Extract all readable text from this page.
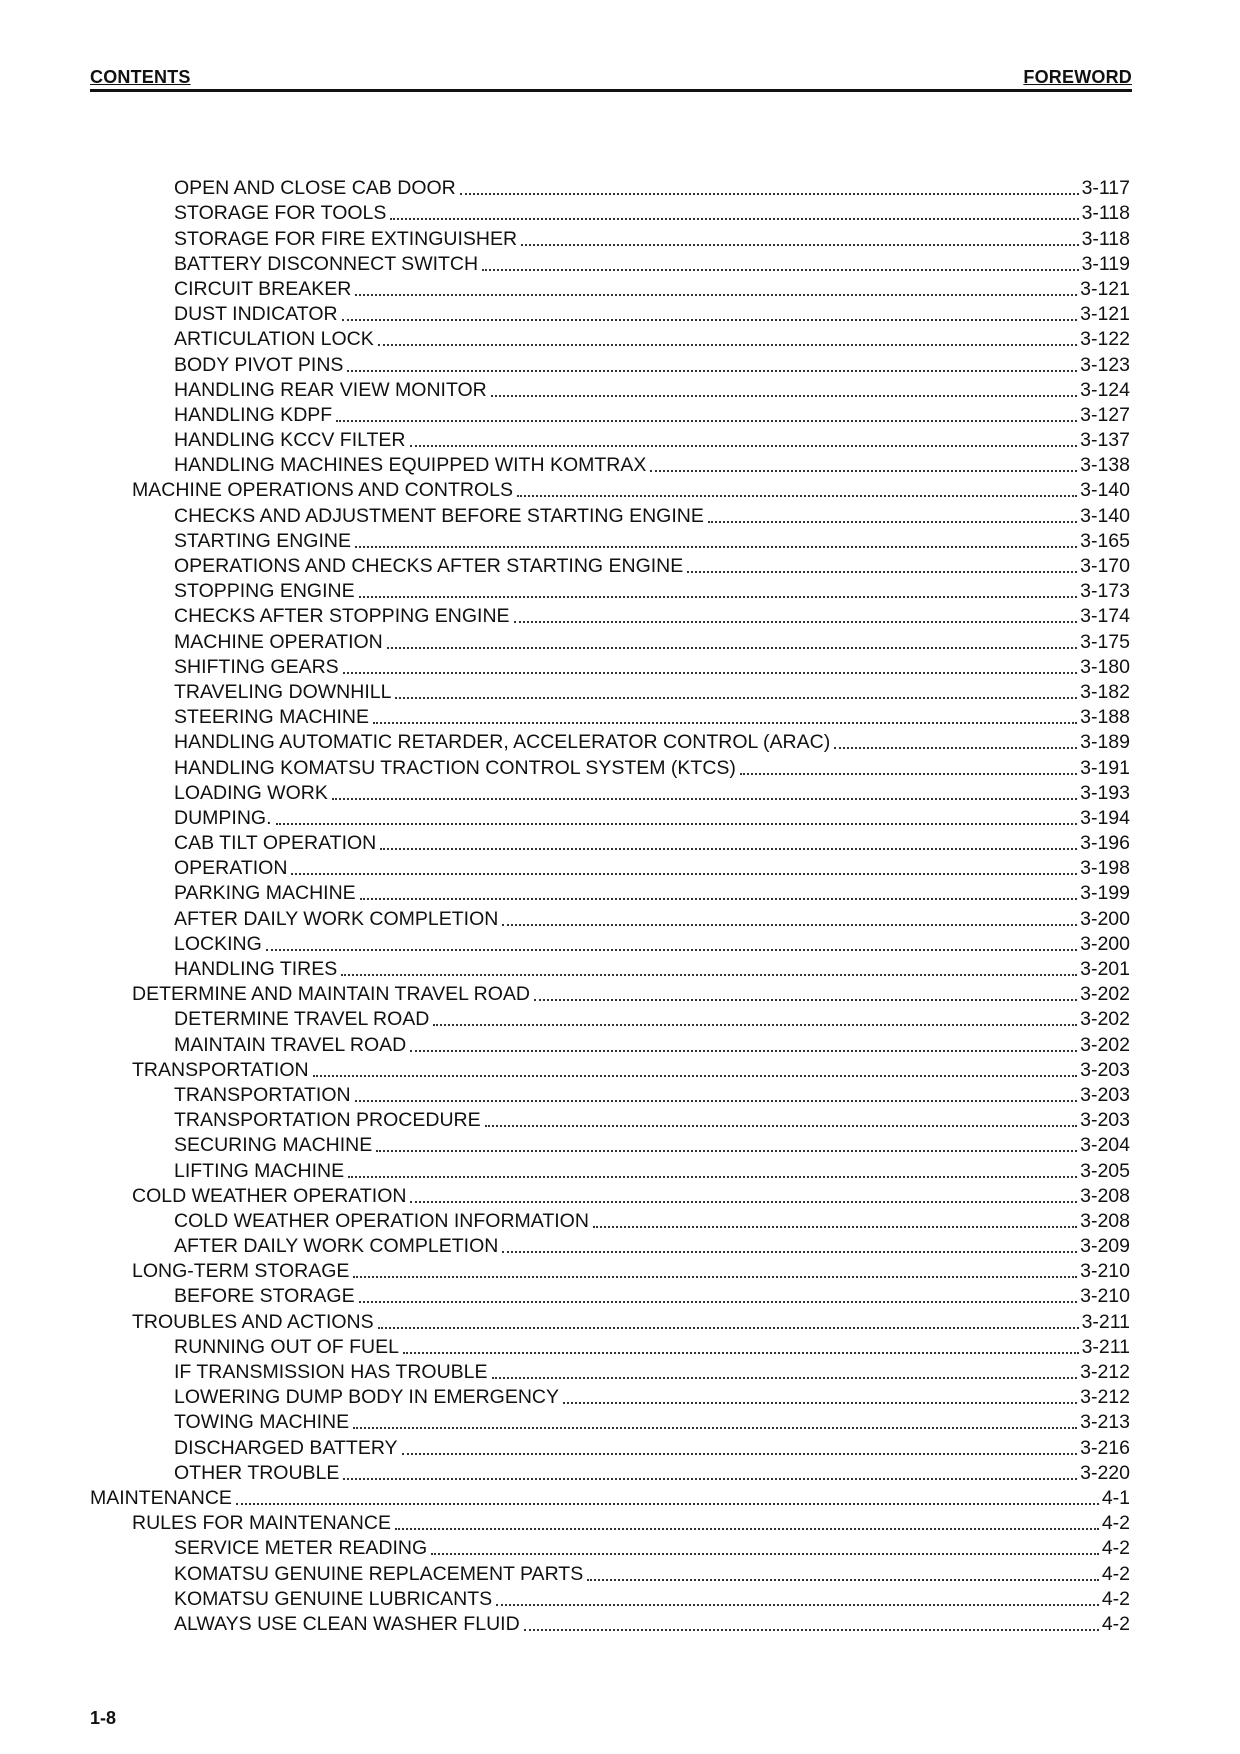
CONTENTS	FOREWORD
OPEN AND CLOSE CAB DOOR	3-117
STORAGE FOR TOOLS	3-118
STORAGE FOR FIRE EXTINGUISHER	3-118
BATTERY DISCONNECT SWITCH	3-119
CIRCUIT BREAKER	3-121
DUST INDICATOR	3-121
ARTICULATION LOCK	3-122
BODY PIVOT PINS	3-123
HANDLING REAR VIEW MONITOR	3-124
HANDLING KDPF	3-127
HANDLING KCCV FILTER	3-137
HANDLING MACHINES EQUIPPED WITH KOMTRAX	3-138
MACHINE OPERATIONS AND CONTROLS	3-140
CHECKS AND ADJUSTMENT BEFORE STARTING ENGINE	3-140
STARTING ENGINE	3-165
OPERATIONS AND CHECKS AFTER STARTING ENGINE	3-170
STOPPING ENGINE	3-173
CHECKS AFTER STOPPING ENGINE	3-174
MACHINE OPERATION	3-175
SHIFTING GEARS	3-180
TRAVELING DOWNHILL	3-182
STEERING MACHINE	3-188
HANDLING AUTOMATIC RETARDER, ACCELERATOR CONTROL (ARAC)	3-189
HANDLING KOMATSU TRACTION CONTROL SYSTEM (KTCS)	3-191
LOADING WORK	3-193
DUMPING.	3-194
CAB TILT OPERATION	3-196
OPERATION	3-198
PARKING MACHINE	3-199
AFTER DAILY WORK COMPLETION	3-200
LOCKING	3-200
HANDLING TIRES	3-201
DETERMINE AND MAINTAIN TRAVEL ROAD	3-202
DETERMINE TRAVEL ROAD	3-202
MAINTAIN TRAVEL ROAD	3-202
TRANSPORTATION	3-203
TRANSPORTATION	3-203
TRANSPORTATION PROCEDURE	3-203
SECURING MACHINE	3-204
LIFTING MACHINE	3-205
COLD WEATHER OPERATION	3-208
COLD WEATHER OPERATION INFORMATION	3-208
AFTER DAILY WORK COMPLETION	3-209
LONG-TERM STORAGE	3-210
BEFORE STORAGE	3-210
TROUBLES AND ACTIONS	3-211
RUNNING OUT OF FUEL	3-211
IF TRANSMISSION HAS TROUBLE	3-212
LOWERING DUMP BODY IN EMERGENCY	3-212
TOWING MACHINE	3-213
DISCHARGED BATTERY	3-216
OTHER TROUBLE	3-220
MAINTENANCE	4-1
RULES FOR MAINTENANCE	4-2
SERVICE METER READING	4-2
KOMATSU GENUINE REPLACEMENT PARTS	4-2
KOMATSU GENUINE LUBRICANTS	4-2
ALWAYS USE CLEAN WASHER FLUID	4-2
1-8
